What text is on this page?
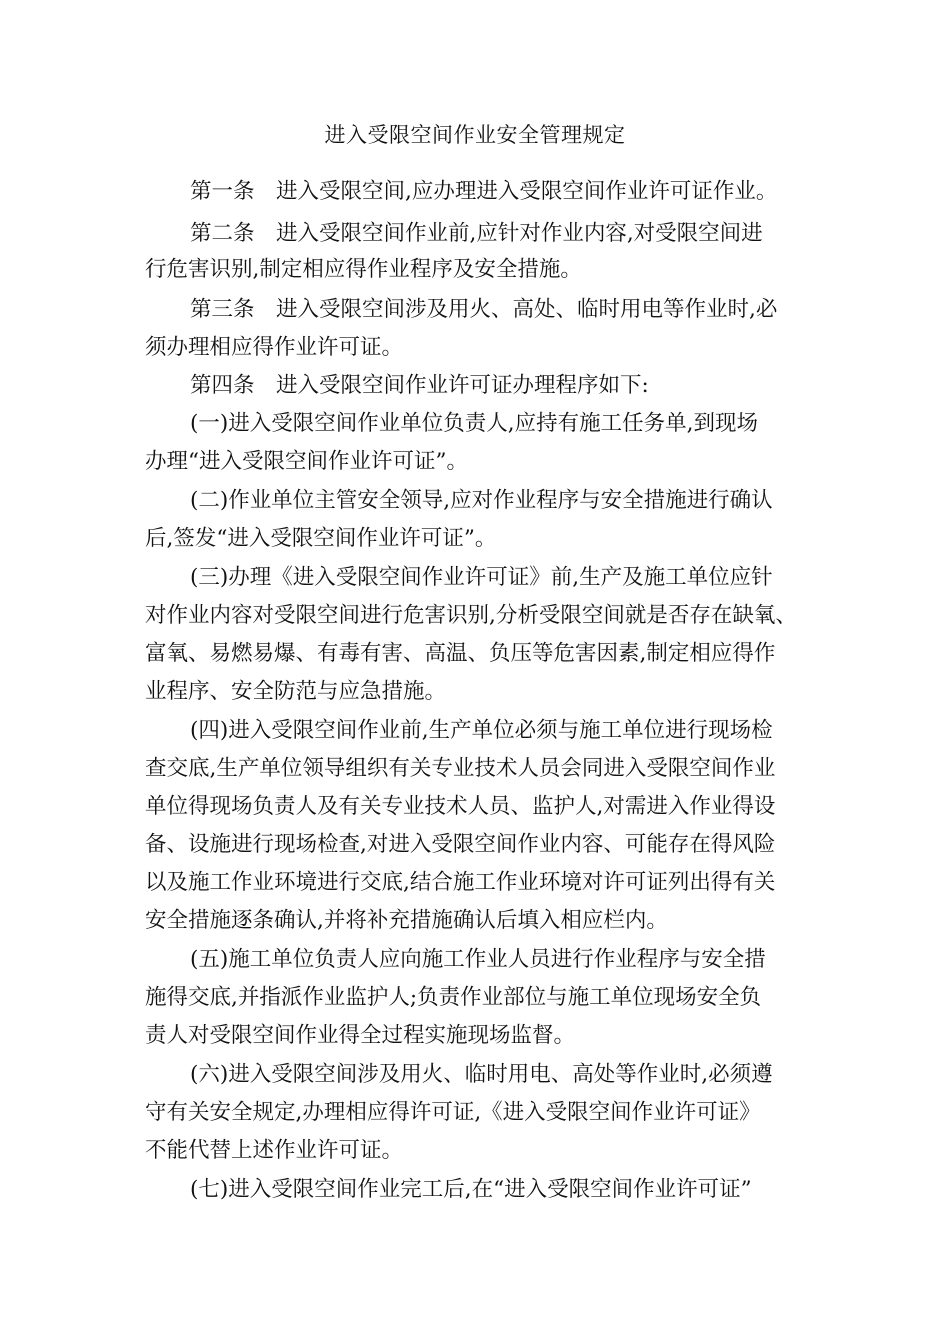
进入受限空间作业安全管理规定
第一条　进入受限空间,应办理进入受限空间作业许可证作业。
第二条　进入受限空间作业前,应针对作业内容,对受限空间进
行危害识别,制定相应得作业程序及安全措施。
第三条　进入受限空间涉及用火、高处、临时用电等作业时,必
须办理相应得作业许可证。
第四条　进入受限空间作业许可证办理程序如下:
(一)进入受限空间作业单位负责人,应持有施工任务单,到现场
办理“进入受限空间作业许可证”。
(二)作业单位主管安全领导,应对作业程序与安全措施进行确认
后,签发“进入受限空间作业许可证”。
(三)办理《进入受限空间作业许可证》前,生产及施工单位应针
对作业内容对受限空间进行危害识别,分析受限空间就是否存在缺氧、
富氧、易燃易爆、有毒有害、高温、负压等危害因素,制定相应得作
业程序、安全防范与应急措施。
(四)进入受限空间作业前,生产单位必须与施工单位进行现场检
查交底,生产单位领导组织有关专业技术人员会同进入受限空间作业
单位得现场负责人及有关专业技术人员、监护人,对需进入作业得设
备、设施进行现场检查,对进入受限空间作业内容、可能存在得风险
以及施工作业环境进行交底,结合施工作业环境对许可证列出得有关
安全措施逐条确认,并将补充措施确认后填入相应栏内。
(五)施工单位负责人应向施工作业人员进行作业程序与安全措
施得交底,并指派作业监护人;负责作业部位与施工单位现场安全负
责人对受限空间作业得全过程实施现场监督。
(六)进入受限空间涉及用火、临时用电、高处等作业时,必须遵
守有关安全规定,办理相应得许可证,《进入受限空间作业许可证》
不能代替上述作业许可证。
(七)进入受限空间作业完工后,在“进入受限空间作业许可证”
